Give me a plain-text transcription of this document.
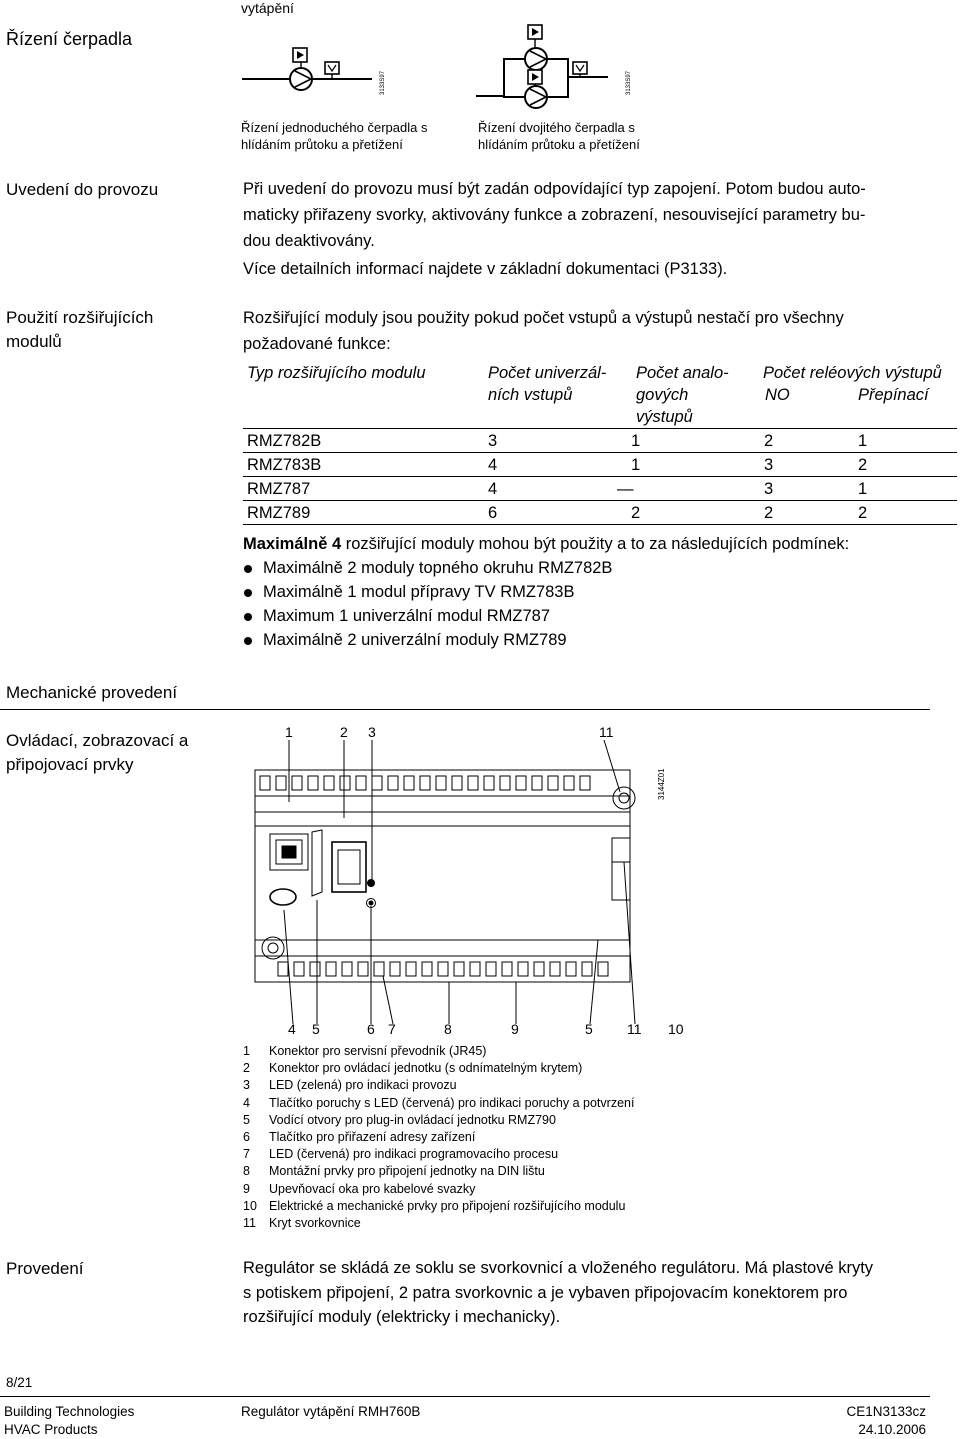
vytápění
Řízení čerpadla
3133S97	3133S97
Řízení jednoduchého čerpadla s
hlídáním průtoku a přetížení
Řízení dvojitého čerpadla s
hlídáním průtoku a přetížení
Uvedení do provozu	Při uvedení do provozu musí být zadán odpovídající typ zapojení. Potom budou auto-
maticky přiřazeny svorky, aktivovány funkce a zobrazení, nesouvisející parametry bu-
dou deaktivovány.
Více detailních informací najdete v základní dokumentaci (P3133).
Použití rozšiřujících
modulů
Rozšiřující moduly jsou použity pokud počet vstupů a výstupů nestačí pro všechny
požadované funkce:
Typ rozšiřujícího modulu	Počet univerzál-
ních vstupů
Počet analo-
gových
výstupů
Počet reléových výstupů
NO	Přepínací
RMZ782B	3	1	2	1
RMZ783B	4	1	3	2
RMZ787	4	—	3	1
RMZ789	6	2	2	2
Maximálně 4 rozšiřující moduly mohou být použity a to za následujících podmínek:
Maximálně 2 moduly topného okruhu RMZ782B
Maximálně 1 modul přípravy TV RMZ783B
Maximum 1 univerzální modul RMZ787
Maximálně 2 univerzální moduly RMZ789
Mechanické provedení
Ovládací, zobrazovací a
připojovací prvky
1	2 3	11
3144Z01
4 5	6 7	8	9	5 11 10
1	Konektor pro servisní převodník (JR45)
2	Konektor pro ovládací jednotku (s odnímatelným krytem)
3	LED (zelená) pro indikaci provozu
4	Tlačítko poruchy s LED (červená) pro indikaci poruchy a potvrzení
5	Vodící otvory pro plug-in ovládací jednotku RMZ790
6	Tlačítko pro přiřazení adresy zařízení
7	LED (červená) pro indikaci programovacího procesu
8	Montážní prvky pro připojení jednotky na DIN lištu
9	Upevňovací oka pro kabelové svazky
10 Elektrické a mechanické prvky pro připojení rozšiřujícího modulu
11	Kryt svorkovnice
Provedení	Regulátor se skládá ze soklu se svorkovnicí a vloženého regulátoru. Má plastové kryty
s potiskem připojení, 2 patra svorkovnic a je vybaven připojovacím konektorem pro
rozšiřující moduly (elektricky i mechanicky).
8/21
Building Technologies
HVAC Products
Regulátor vytápění RMH760B	CE1N3133cz
24.10.2006
